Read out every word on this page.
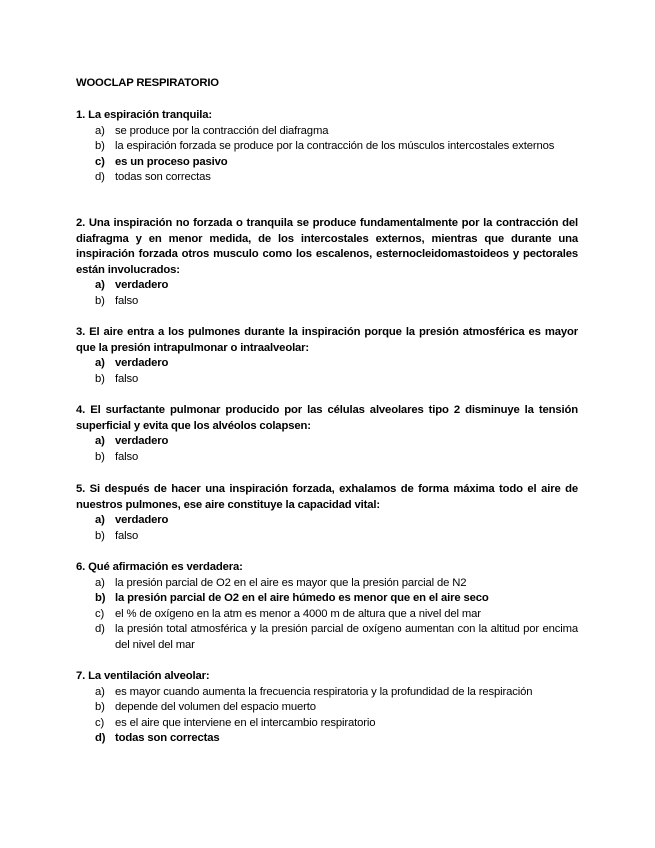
WOOCLAP RESPIRATORIO
1. La espiración tranquila:
a) se produce por la contracción del diafragma
b) la espiración forzada se produce por la contracción de los músculos intercostales externos
c) es un proceso pasivo
d) todas son correctas
2. Una inspiración no forzada o tranquila se produce fundamentalmente por la contracción del diafragma y en menor medida, de los intercostales externos, mientras que durante una inspiración forzada otros musculo como los escalenos, esternocleidomastoideos y pectorales están involucrados:
a) verdadero
b) falso
3. El aire entra a los pulmones durante la inspiración porque la presión atmosférica es mayor que la presión intrapulmonar o intraalveolar:
a) verdadero
b) falso
4. El surfactante pulmonar producido por las células alveolares tipo 2 disminuye la tensión superficial y evita que los alvéolos colapsen:
a) verdadero
b) falso
5. Si después de hacer una inspiración forzada, exhalamos de forma máxima todo el aire de nuestros pulmones, ese aire constituye la capacidad vital:
a) verdadero
b) falso
6. Qué afirmación es verdadera:
a) la presión parcial de O2 en el aire es mayor que la presión parcial de N2
b) la presión parcial de O2 en el aire húmedo es menor que en el aire seco
c) el % de oxígeno en la atm es menor a 4000 m de altura que a nivel del mar
d) la presión total atmosférica y la presión parcial de oxígeno aumentan con la altitud por encima del nivel del mar
7. La ventilación alveolar:
a) es mayor cuando aumenta la frecuencia respiratoria y la profundidad de la respiración
b) depende del volumen del espacio muerto
c) es el aire que interviene en el intercambio respiratorio
d) todas son correctas
